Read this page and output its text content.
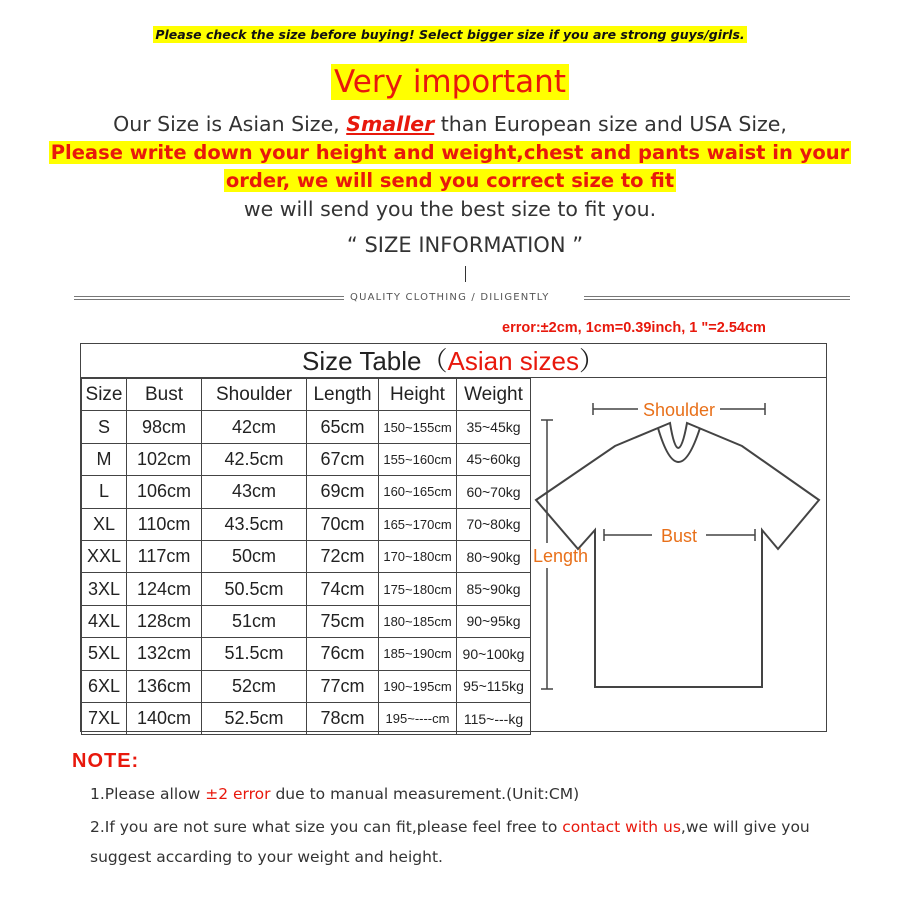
Please check the size before buying! Select bigger size if you are strong guys/girls.
Very important
Our Size is Asian Size, Smaller than European size and USA Size,
Please write down your height and weight,chest and pants waist in your
order, we will send you correct size to fit
we will send you the best size to fit you.
“ SIZE INFORMATION ”
QUALITY CLOTHING / DILIGENTLY
error:±2cm, 1cm=0.39inch, 1 "=2.54cm
Size Table（Asian sizes）
Size	Bust	Shoulder	Length	Height	Weight
S	98cm	42cm	65cm	150~155cm	35~45kg
M	102cm	42.5cm	67cm	155~160cm	45~60kg
L	106cm	43cm	69cm	160~165cm	60~70kg
XL	110cm	43.5cm	70cm	165~170cm	70~80kg
XXL	117cm	50cm	72cm	170~180cm	80~90kg
3XL	124cm	50.5cm	74cm	175~180cm	85~90kg
4XL	128cm	51cm	75cm	180~185cm	90~95kg
5XL	132cm	51.5cm	76cm	185~190cm	90~100kg
6XL	136cm	52cm	77cm	190~195cm	95~115kg
7XL	140cm	52.5cm	78cm	195~----cm	115~---kg
Shoulder
Bust
Length
NOTE:
1.Please allow ±2 error due to manual measurement.(Unit:CM)
2.If you are not sure what size you can fit,please feel free to contact with us,we will give you
suggest accarding to your weight and height.
